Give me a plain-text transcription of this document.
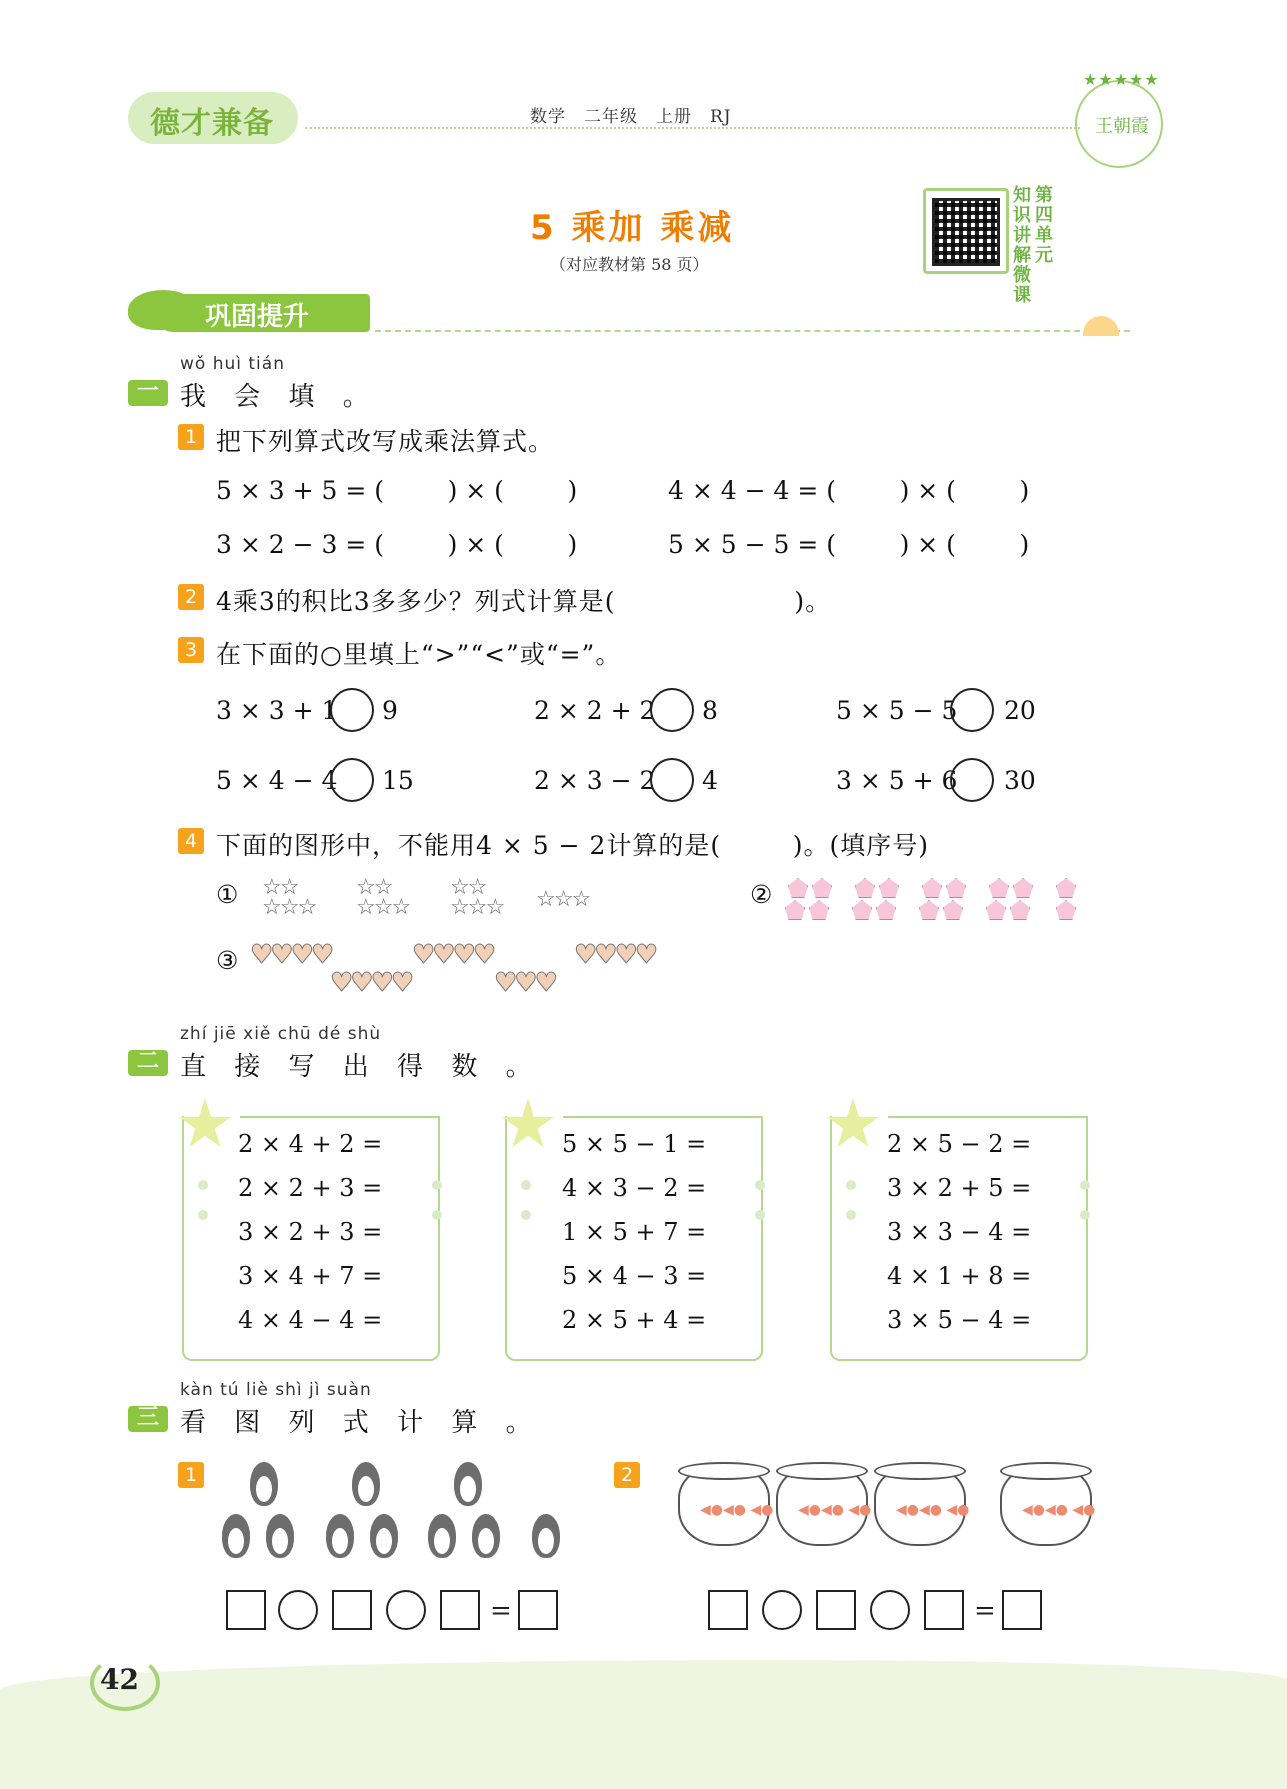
德才兼备	数学　二年级　上册　RJ
★★★★★
王朝霞
5 乘加 乘减
（对应教材第 58 页）
知识讲解微课
第四单元
巩固提升
wǒ huì tián
一 我 会 填 。
1 把下列算式改写成乘法算式。
5 × 3 + 5 = (        ) × (        )	4 × 4 − 4 = (        ) × (        )
3 × 2 − 3 = (        ) × (        )	5 × 5 − 5 = (        ) × (        )
2 4乘3的积比3多多少？列式计算是(                    )。
3 在下面的○里填上“>”“<”或“=”。
3 × 3 + 1 9	2 × 2 + 2 8	5 × 5 − 5 20
5 × 4 − 4 15	2 × 3 − 2 4	3 × 5 + 6 30
4 下面的图形中，不能用4 × 5 − 2计算的是(        )。(填序号)
① ☆☆
☆☆☆
☆☆
☆☆☆
☆☆
☆☆☆ ☆☆☆	②
③ ♥♥♥♥
♥♥♥♥
♥♥♥♥
♥♥♥
♥♥♥♥
zhí jiē xiě chū dé shù
二 直 接 写 出 得 数 。
2 × 4 + 2 =
2 × 2 + 3 =
3 × 2 + 3 =
3 × 4 + 7 =
4 × 4 − 4 =
5 × 5 − 1 =
4 × 3 − 2 =
1 × 5 + 7 =
5 × 4 − 3 =
2 × 5 + 4 =
2 × 5 − 2 =
3 × 2 + 5 =
3 × 3 − 4 =
4 × 1 + 8 =
3 × 5 − 4 =
kàn tú liè shì jì suàn
三 看 图 列 式 计 算 。
1
=
2
◀●◀● ◀● ◀●◀● ◀● ◀●◀● ◀●	◀●◀● ◀●
=
42
